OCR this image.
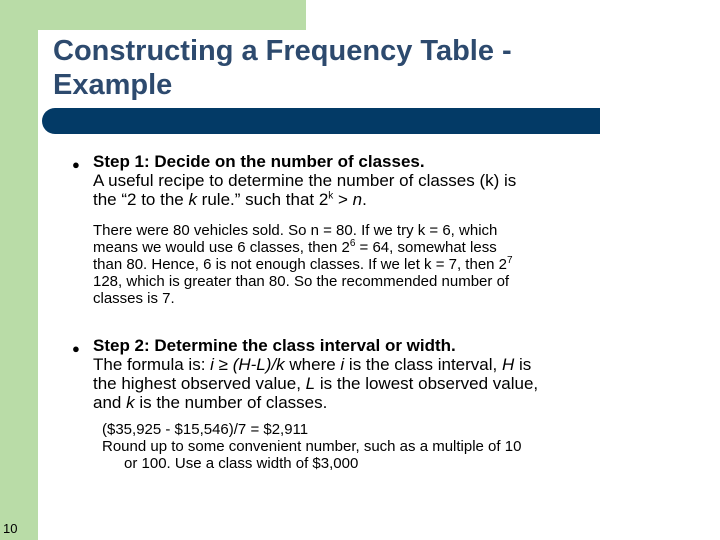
Constructing a Frequency Table -
Example
● Step 1: Decide on the number of classes.
A useful recipe to determine the number of classes (k) is
the “2 to the k rule.” such that $2^k > n$.
There were 80 vehicles sold. So n = 80. If we try k = 6, which
means we would use 6 classes, then $2^6 = 64$, somewhat less
than 80. Hence, 6 is not enough classes. If we let k = 7, then $2^7$
128, which is greater than 80. So the recommended number of
classes is 7.
● Step 2: Determine the class interval or width.
The formula is: i ≥ (H-L)/k where i is the class interval, H is
the highest observed value, L is the lowest observed value,
and k is the number of classes.
($35,925 - $15,546)/7 = $2,911
Round up to some convenient number, such as a multiple of 10
or 100. Use a class width of $3,000
10
